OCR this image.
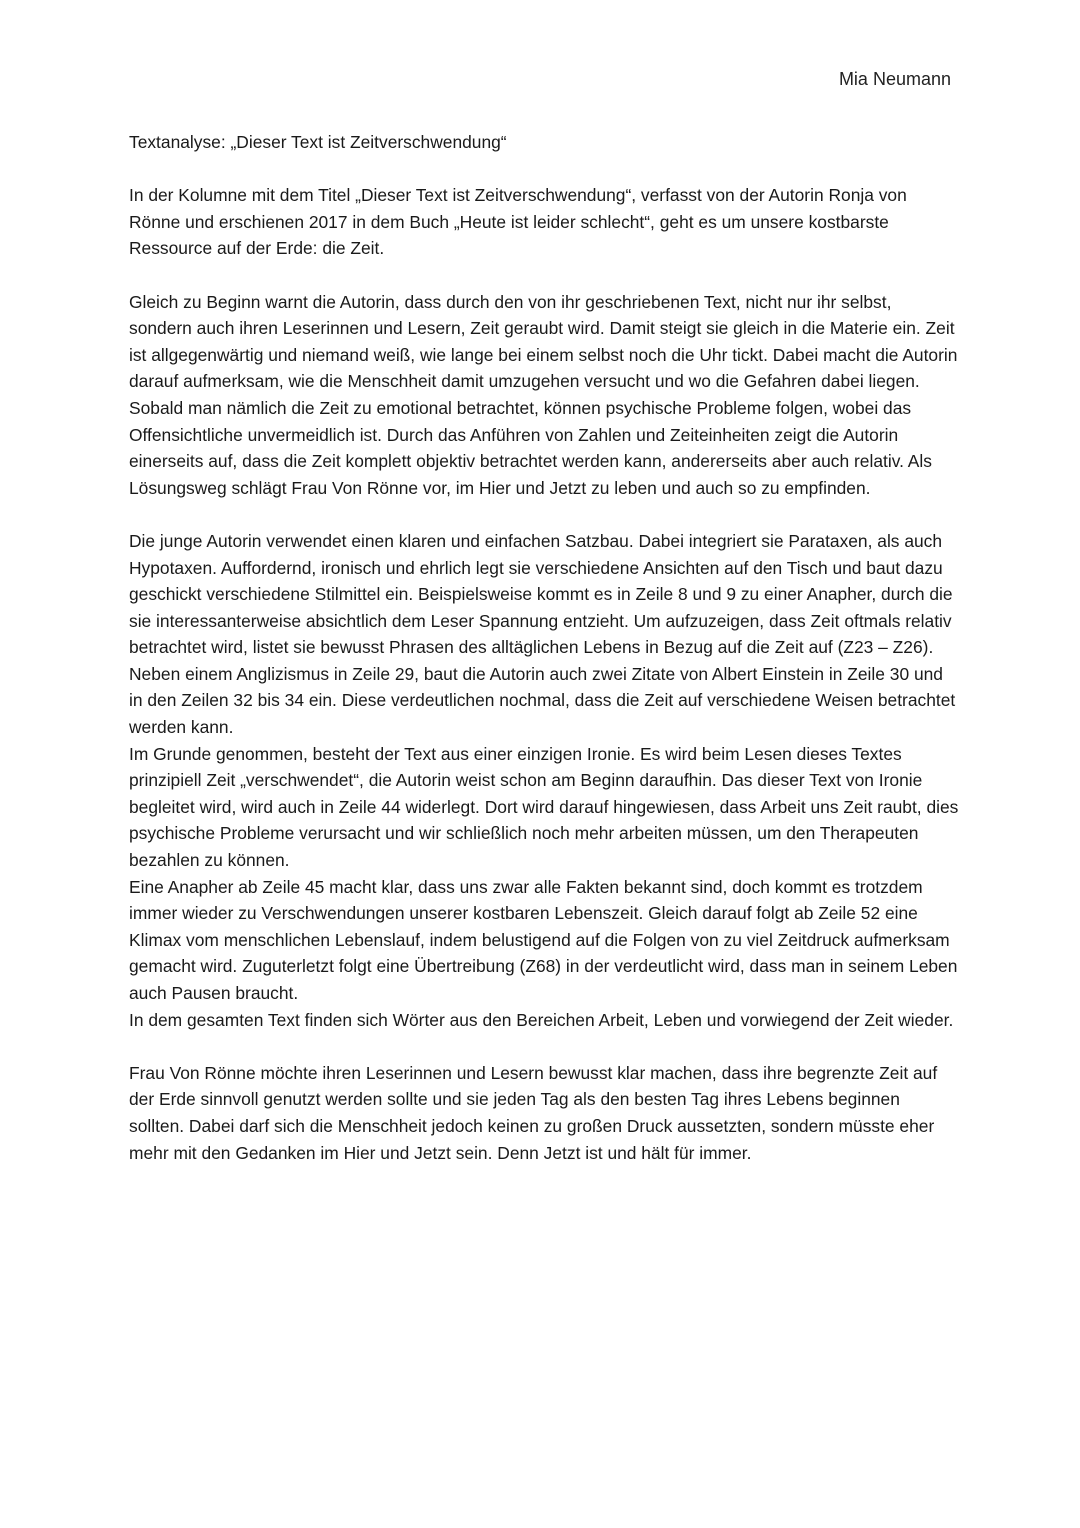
Mia Neumann

Textanalyse: „Dieser Text ist Zeitverschwendung“

In der Kolumne mit dem Titel „Dieser Text ist Zeitverschwendung“, verfasst von der Autorin Ronja von Rönne und erschienen 2017 in dem Buch „Heute ist leider schlecht“, geht es um unsere kostbarste Ressource auf der Erde: die Zeit.

Gleich zu Beginn warnt die Autorin, dass durch den von ihr geschriebenen Text, nicht nur ihr selbst, sondern auch ihren Leserinnen und Lesern, Zeit geraubt wird. Damit steigt sie gleich in die Materie ein. Zeit ist allgegenwärtig und niemand weiß, wie lange bei einem selbst noch die Uhr tickt. Dabei macht die Autorin darauf aufmerksam, wie die Menschheit damit umzugehen versucht und wo die Gefahren dabei liegen. Sobald man nämlich die Zeit zu emotional betrachtet, können psychische Probleme folgen, wobei das Offensichtliche unvermeidlich ist. Durch das Anführen von Zahlen und Zeiteinheiten zeigt die Autorin einerseits auf, dass die Zeit komplett objektiv betrachtet werden kann, andererseits aber auch relativ. Als Lösungsweg schlägt Frau Von Rönne vor, im Hier und Jetzt zu leben und auch so zu empfinden.

Die junge Autorin verwendet einen klaren und einfachen Satzbau. Dabei integriert sie Parataxen, als auch Hypotaxen. Auffordernd, ironisch und ehrlich legt sie verschiedene Ansichten auf den Tisch und baut dazu geschickt verschiedene Stilmittel ein. Beispielsweise kommt es in Zeile 8 und 9 zu einer Anapher, durch die sie interessanterweise absichtlich dem Leser Spannung entzieht. Um aufzuzeigen, dass Zeit oftmals relativ betrachtet wird, listet sie bewusst Phrasen des alltäglichen Lebens in Bezug auf die Zeit auf (Z23 – Z26). Neben einem Anglizismus in Zeile 29, baut die Autorin auch zwei Zitate von Albert Einstein in Zeile 30 und in den Zeilen 32 bis 34 ein. Diese verdeutlichen nochmal, dass die Zeit auf verschiedene Weisen betrachtet werden kann.

Im Grunde genommen, besteht der Text aus einer einzigen Ironie. Es wird beim Lesen dieses Textes prinzipiell Zeit „verschwendet“, die Autorin weist schon am Beginn daraufhin. Das dieser Text von Ironie begleitet wird, wird auch in Zeile 44 widerlegt. Dort wird darauf hingewiesen, dass Arbeit uns Zeit raubt, dies psychische Probleme verursacht und wir schließlich noch mehr arbeiten müssen, um den Therapeuten bezahlen zu können.

Eine Anapher ab Zeile 45 macht klar, dass uns zwar alle Fakten bekannt sind, doch kommt es trotzdem immer wieder zu Verschwendungen unserer kostbaren Lebenszeit. Gleich darauf folgt ab Zeile 52 eine Klimax vom menschlichen Lebenslauf, indem belustigend auf die Folgen von zu viel Zeitdruck aufmerksam gemacht wird. Zuguterletzt folgt eine Übertreibung (Z68) in der verdeutlicht wird, dass man in seinem Leben auch Pausen braucht.

In dem gesamten Text finden sich Wörter aus den Bereichen Arbeit, Leben und vorwiegend der Zeit wieder.

Frau Von Rönne möchte ihren Leserinnen und Lesern bewusst klar machen, dass ihre begrenzte Zeit auf der Erde sinnvoll genutzt werden sollte und sie jeden Tag als den besten Tag ihres Lebens beginnen sollten. Dabei darf sich die Menschheit jedoch keinen zu großen Druck aussetzten, sondern müsste eher mehr mit den Gedanken im Hier und Jetzt sein. Denn Jetzt ist und hält für immer.
